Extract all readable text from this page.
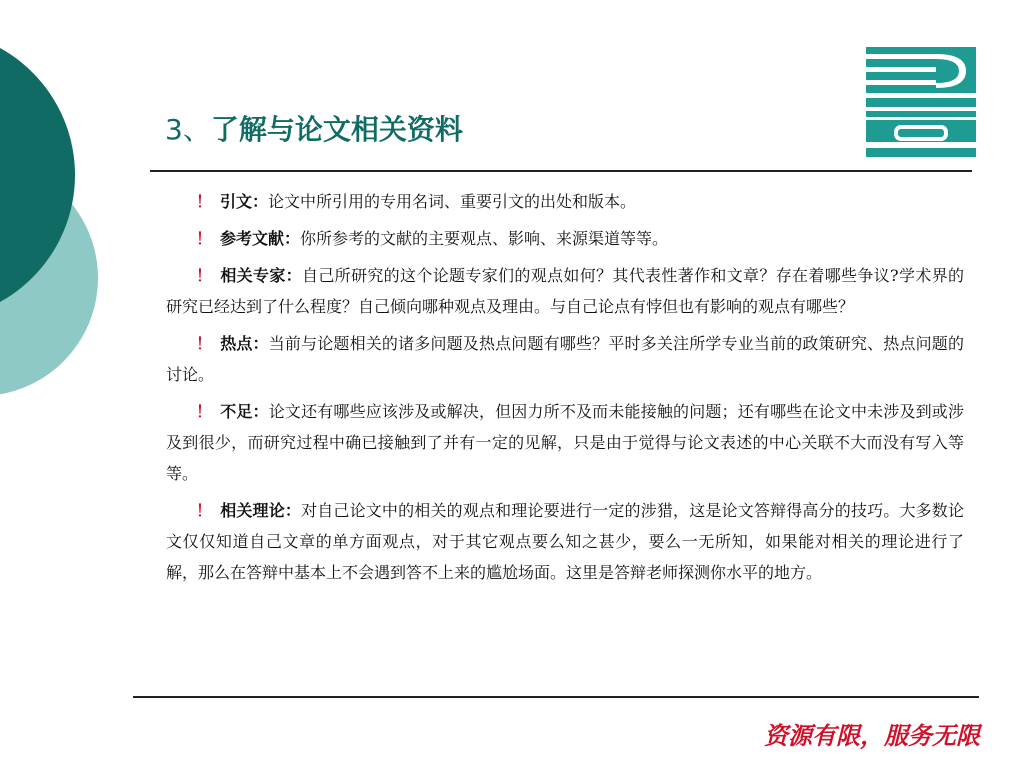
3、了解与论文相关资料

！ 引文：论文中所引用的专用名词、重要引文的出处和版本。

！ 参考文献：你所参考的文献的主要观点、影响、来源渠道等等。

！ 相关专家：自己所研究的这个论题专家们的观点如何？其代表性著作和文章？存在着哪些争议?学术界的研究已经达到了什么程度？自己倾向哪种观点及理由。与自己论点有悖但也有影响的观点有哪些？

！ 热点：当前与论题相关的诸多问题及热点问题有哪些？平时多关注所学专业当前的政策研究、热点问题的讨论。

！ 不足：论文还有哪些应该涉及或解决，但因力所不及而未能接触的问题；还有哪些在论文中未涉及到或涉及到很少，而研究过程中确已接触到了并有一定的见解，只是由于觉得与论文表述的中心关联不大而没有写入等等。

！ 相关理论：对自己论文中的相关的观点和理论要进行一定的涉猎，这是论文答辩得高分的技巧。大多数论文仅仅知道自己文章的单方面观点，对于其它观点要么知之甚少，要么一无所知，如果能对相关的理论进行了解，那么在答辩中基本上不会遇到答不上来的尴尬场面。这里是答辩老师探测你水平的地方。

资源有限，服务无限
